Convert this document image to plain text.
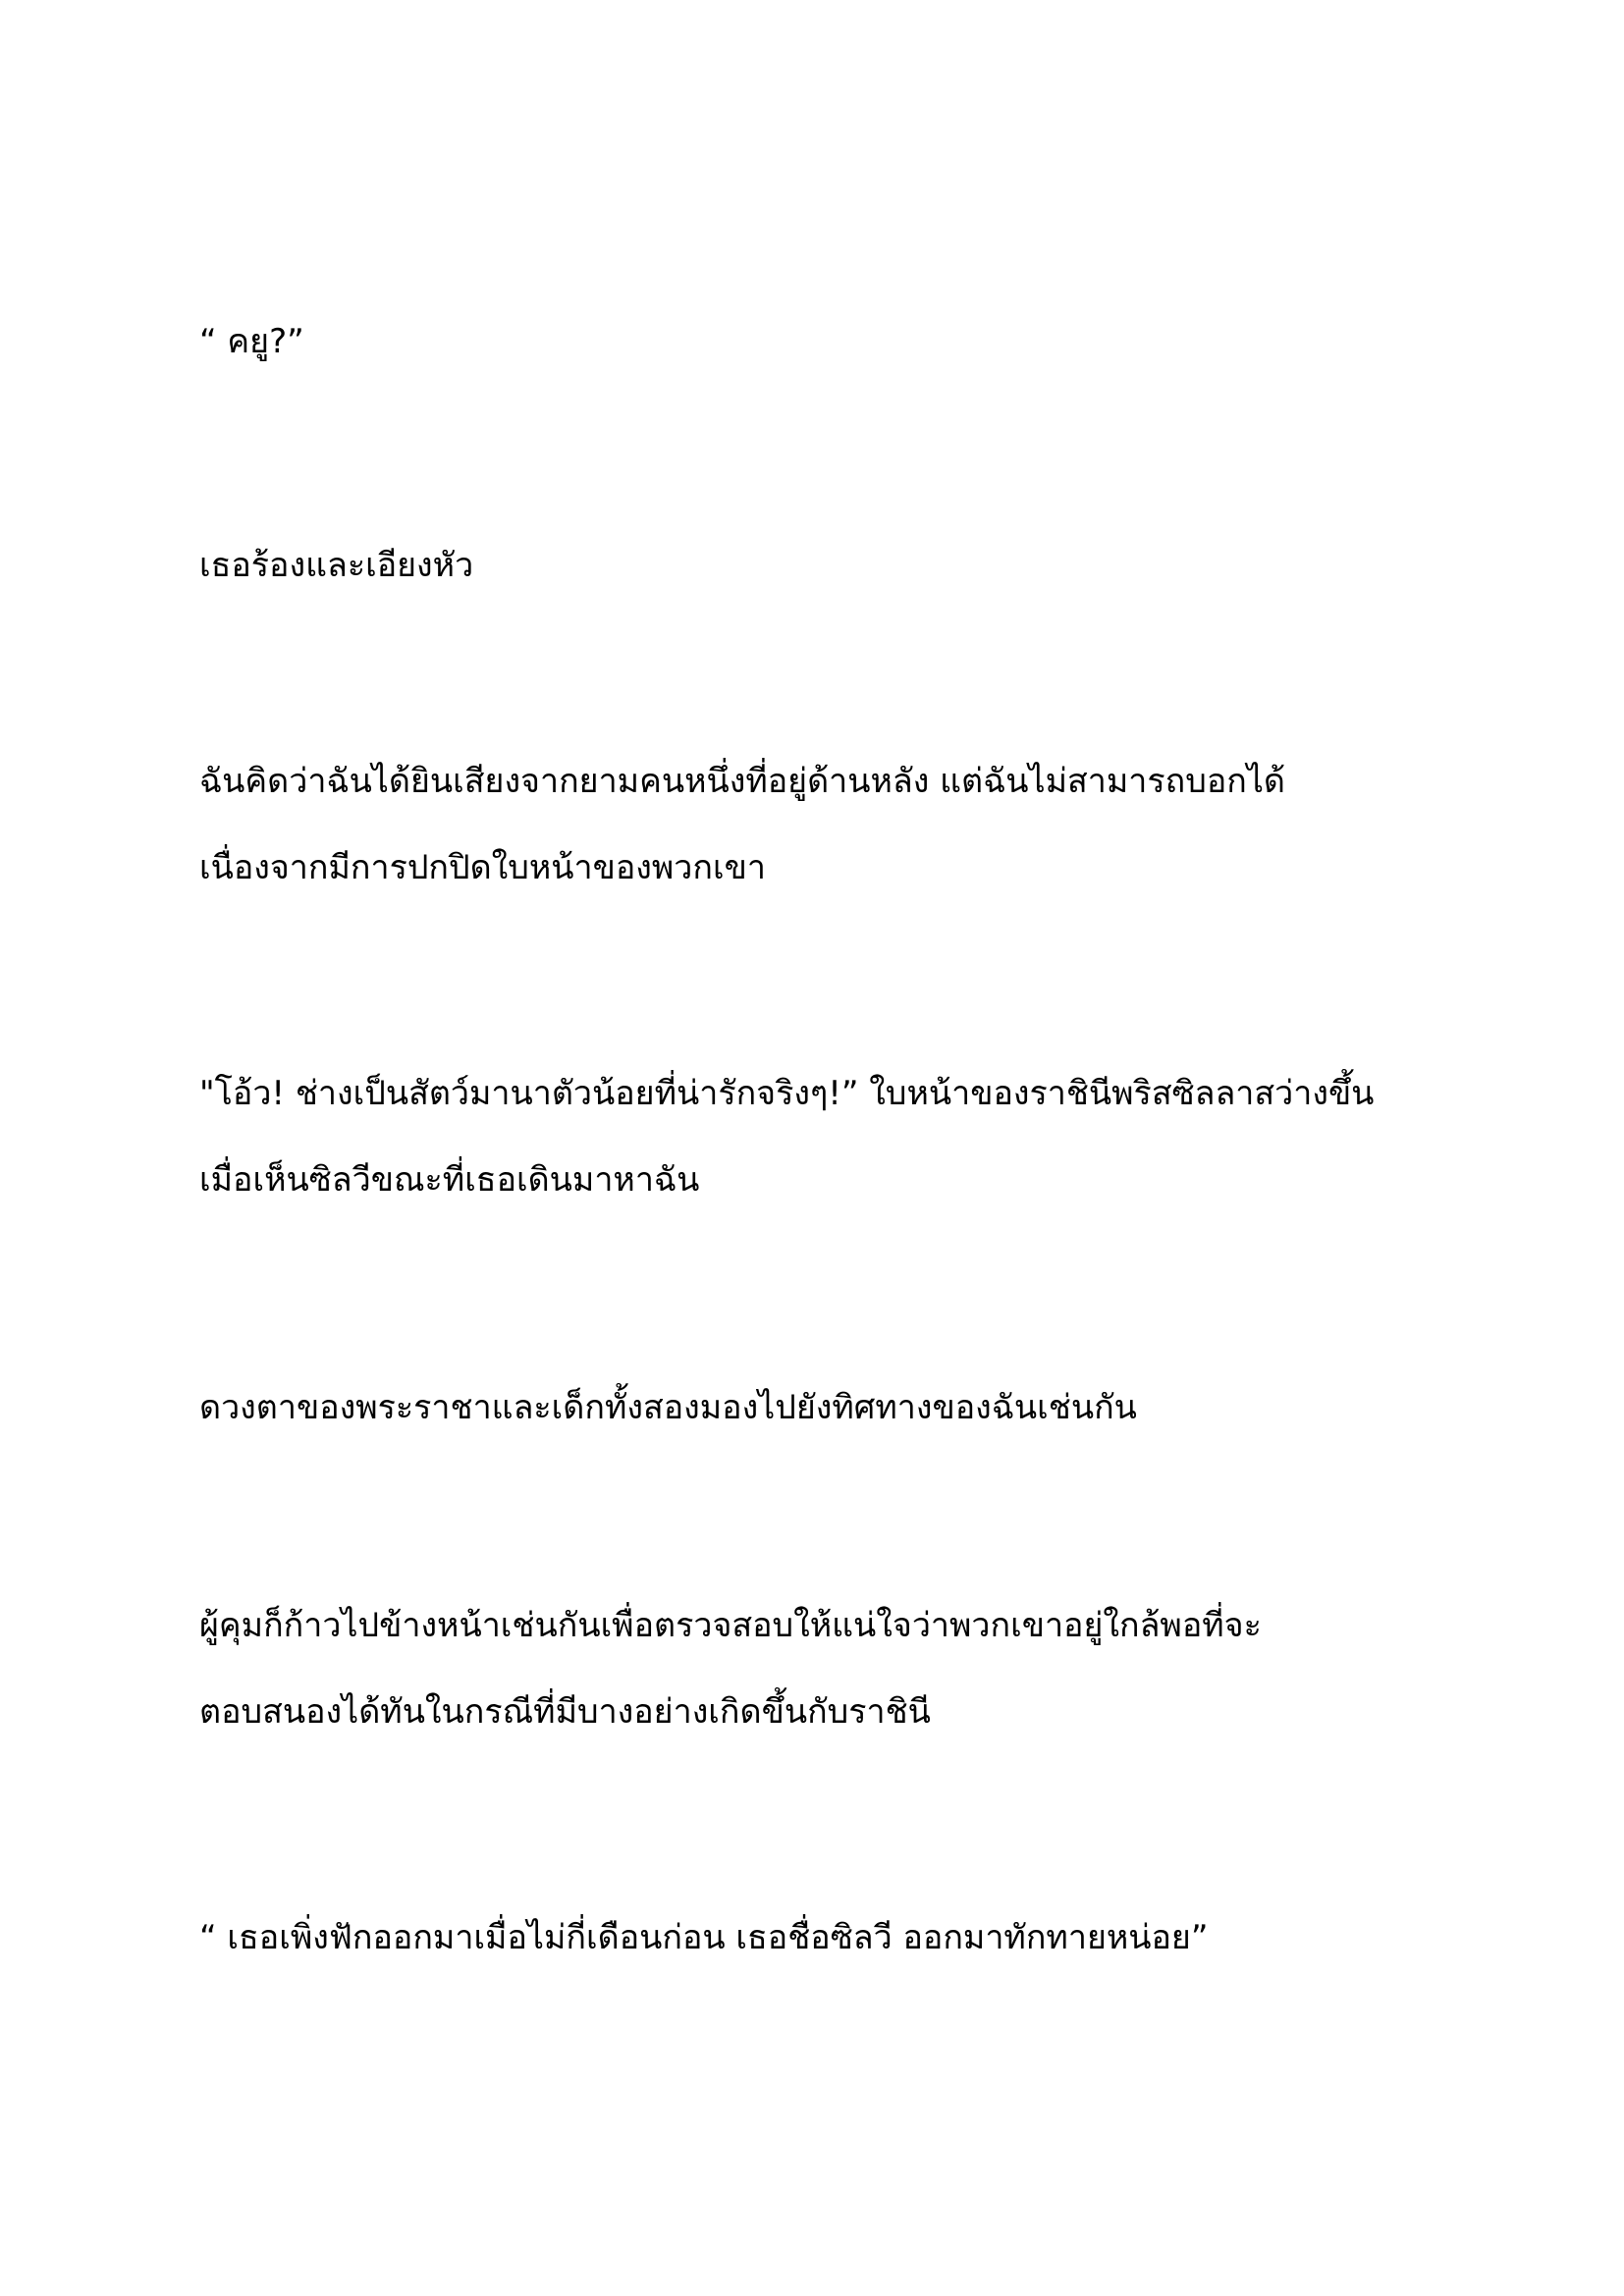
“ คยู?”

เธอร้องและเอียงหัว

ฉันคิดว่าฉันได้ยินเสียงจากยามคนหนึ่งที่อยู่ด้านหลัง แต่ฉันไม่สามารถบอกได้
เนื่องจากมีการปกปิดใบหน้าของพวกเขา

"โอ้ว! ช่างเป็นสัตว์มานาตัวน้อยที่น่ารักจริงๆ!” ใบหน้าของราชินีพริสซิลลาสว่างขึ้น
เมื่อเห็นซิลวีขณะที่เธอเดินมาหาฉัน

ดวงตาของพระราชาและเด็กทั้งสองมองไปยังทิศทางของฉันเช่นกัน

ผู้คุมก็ก้าวไปข้างหน้าเช่นกันเพื่อตรวจสอบให้แน่ใจว่าพวกเขาอยู่ใกล้พอที่จะ
ตอบสนองได้ทันในกรณีที่มีบางอย่างเกิดขึ้นกับราชินี

“ เธอเพิ่งฟักออกมาเมื่อไม่กี่เดือนก่อน เธอชื่อซิลวี ออกมาทักทายหน่อย”
